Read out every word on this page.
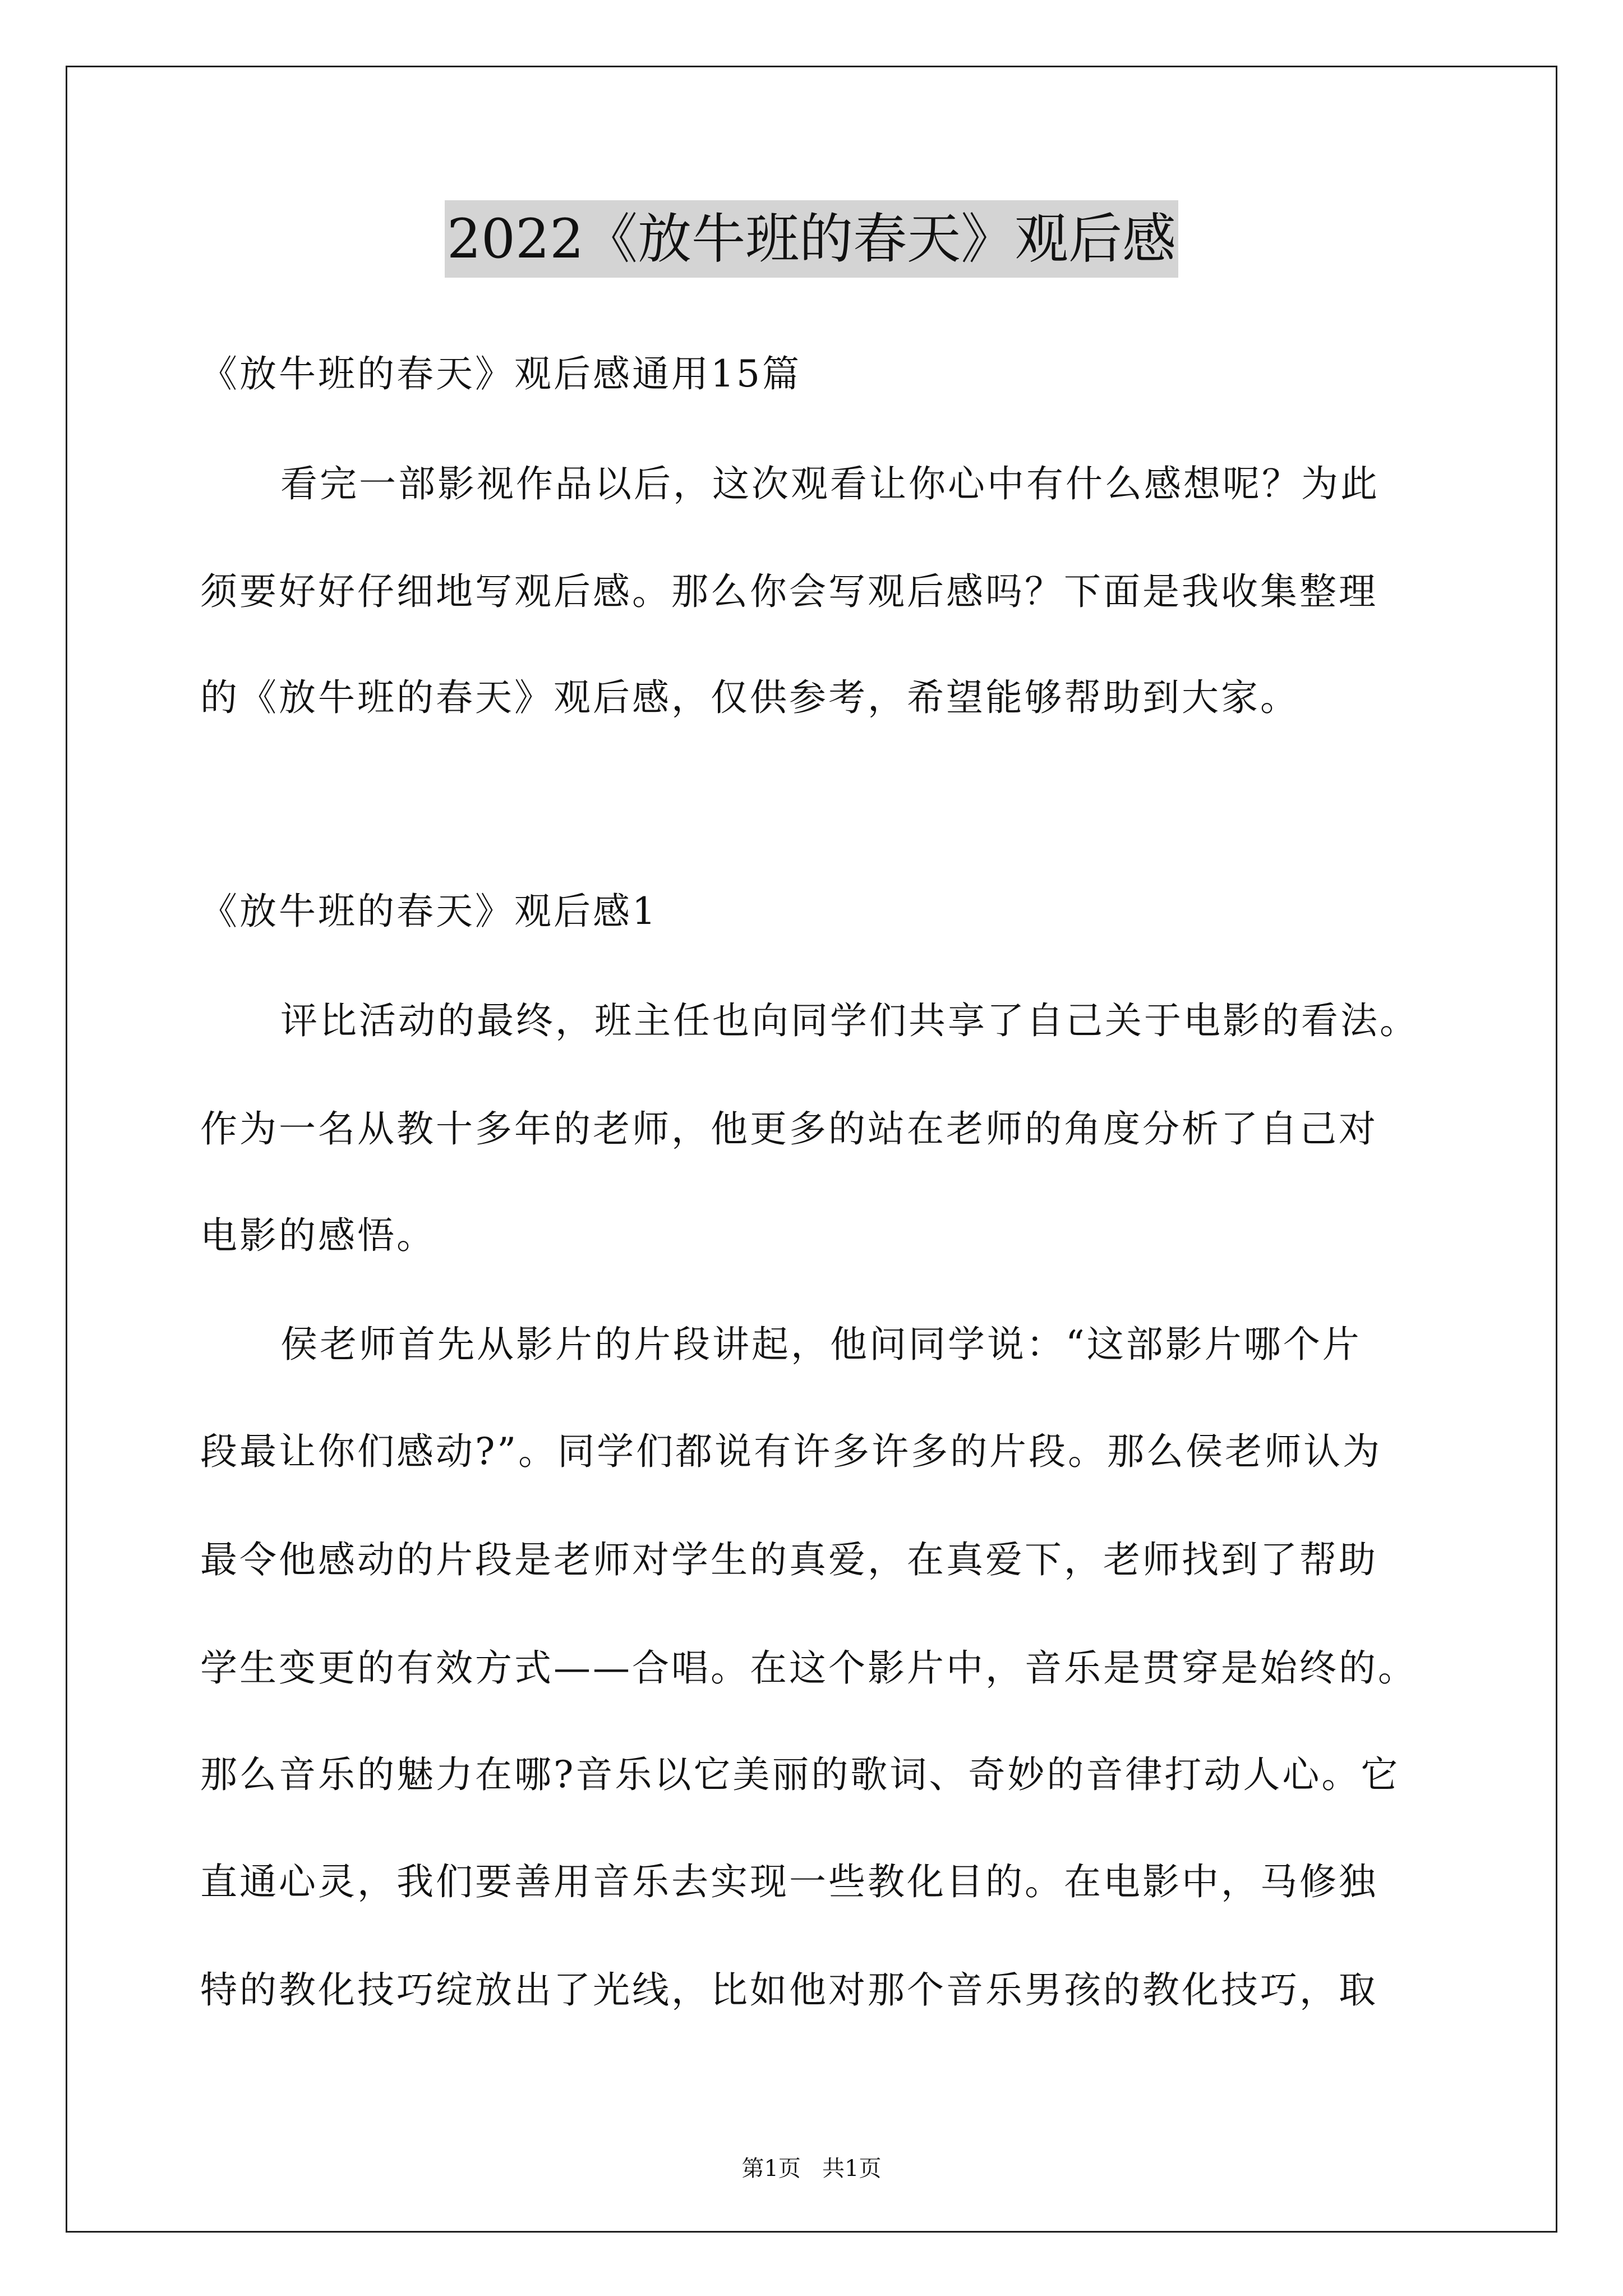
2022《放牛班的春天》观后感
《放牛班的春天》观后感通用15篇
看完一部影视作品以后，这次观看让你心中有什么感想呢？为此
须要好好仔细地写观后感。那么你会写观后感吗？下面是我收集整理
的《放牛班的春天》观后感，仅供参考，希望能够帮助到大家。
《放牛班的春天》观后感1
评比活动的最终，班主任也向同学们共享了自己关于电影的看法。
作为一名从教十多年的老师，他更多的站在老师的角度分析了自己对
电影的感悟。
侯老师首先从影片的片段讲起，他问同学说：“这部影片哪个片
段最让你们感动?”。同学们都说有许多许多的片段。那么侯老师认为
最令他感动的片段是老师对学生的真爱，在真爱下，老师找到了帮助
学生变更的有效方式——合唱。在这个影片中，音乐是贯穿是始终的。
那么音乐的魅力在哪?音乐以它美丽的歌词、奇妙的音律打动人心。它
直通心灵，我们要善用音乐去实现一些教化目的。在电影中，马修独
特的教化技巧绽放出了光线，比如他对那个音乐男孩的教化技巧，取
第1页   共1页
